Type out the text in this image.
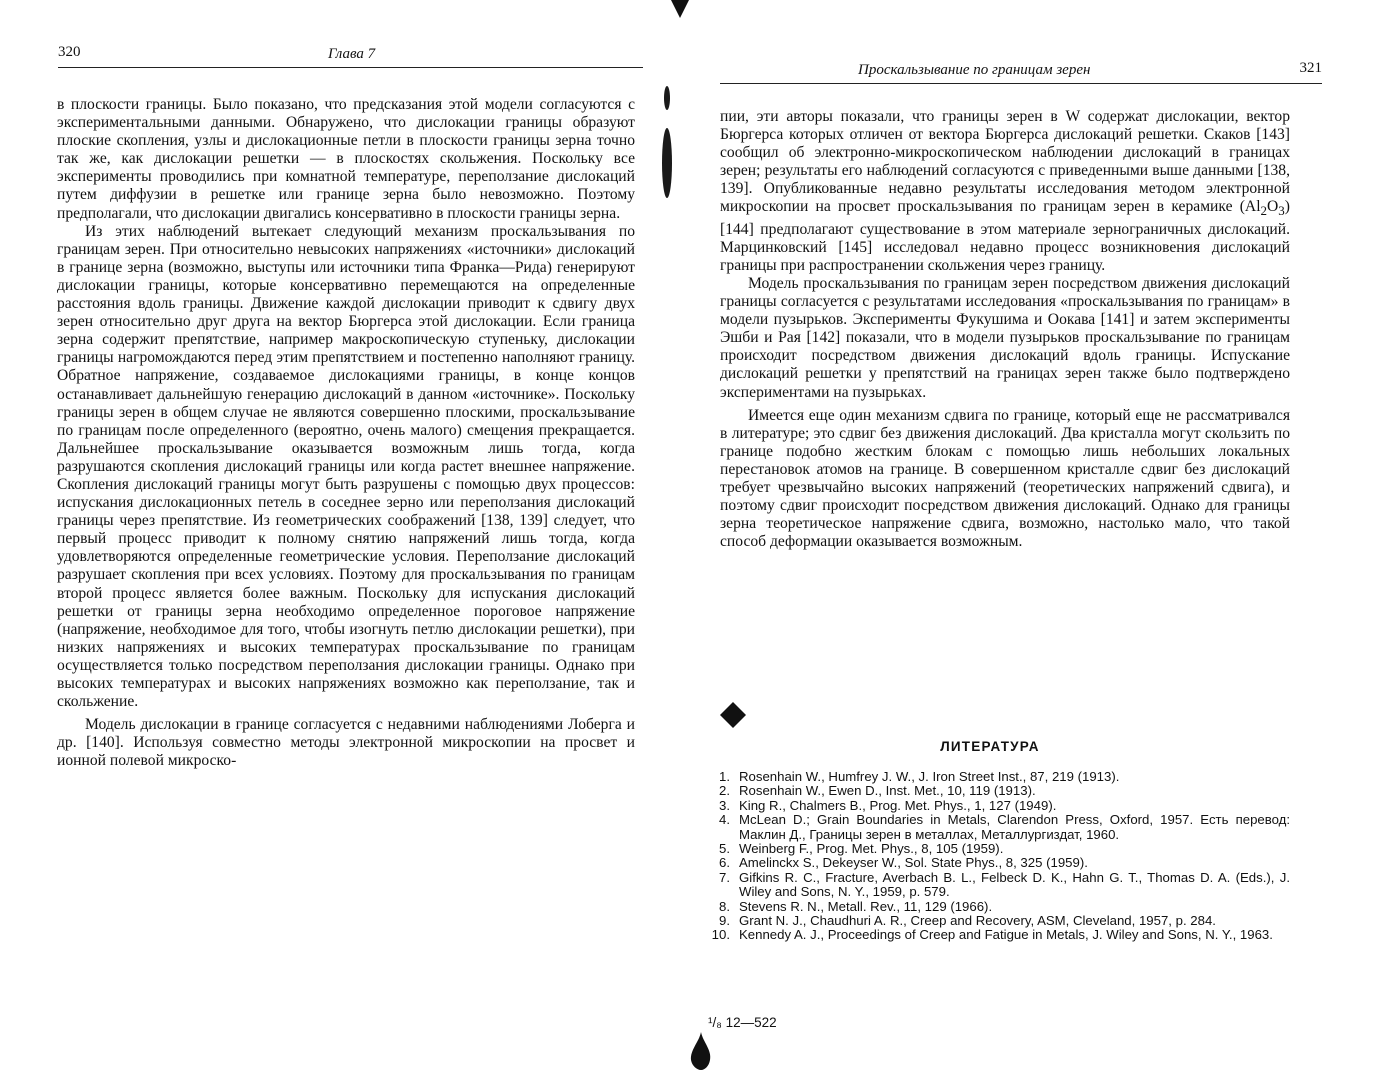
320	Глава 7

в плоскости границы. Было показано, что предсказания этой модели согласуются с экспериментальными данными. Обнаружено, что дислокации границы образуют плоские скопления, узлы и дислокационные петли в плоскости границы зерна точно так же, как дислокации решетки — в плоскостях скольжения. Поскольку все эксперименты проводились при комнатной температуре, переползание дислокаций путем диффузии в решетке или границе зерна было невозможно. Поэтому предполагали, что дислокации двигались консервативно в плоскости границы зерна.

Из этих наблюдений вытекает следующий механизм проскальзывания по границам зерен. При относительно невысоких напряжениях «источники» дислокаций в границе зерна (возможно, выступы или источники типа Франка—Рида) генерируют дислокации границы, которые консервативно перемещаются на определенные расстояния вдоль границы. Движение каждой дислокации приводит к сдвигу двух зерен относительно друг друга на вектор Бюргерса этой дислокации. Если граница зерна содержит препятствие, например макроскопическую ступеньку, дислокации границы нагромождаются перед этим препятствием и постепенно наполняют границу. Обратное напряжение, создаваемое дислокациями границы, в конце концов останавливает дальнейшую генерацию дислокаций в данном «источнике». Поскольку границы зерен в общем случае не являются совершенно плоскими, проскальзывание по границам после определенного (вероятно, очень малого) смещения прекращается. Дальнейшее проскальзывание оказывается возможным лишь тогда, когда разрушаются скопления дислокаций границы или когда растет внешнее напряжение. Скопления дислокаций границы могут быть разрушены с помощью двух процессов: испускания дислокационных петель в соседнее зерно или переползания дислокаций границы через препятствие. Из геометрических соображений [138, 139] следует, что первый процесс приводит к полному снятию напряжений лишь тогда, когда удовлетворяются определенные геометрические условия. Переползание дислокаций разрушает скопления при всех условиях. Поэтому для проскальзывания по границам второй процесс является более важным. Поскольку для испускания дислокаций решетки от границы зерна необходимо определенное пороговое напряжение (напряжение, необходимое для того, чтобы изогнуть петлю дислокации решетки), при низких напряжениях и высоких температурах проскальзывание по границам осуществляется только посредством переползания дислокации границы. Однако при высоких температурах и высоких напряжениях возможно как переползание, так и скольжение.

Модель дислокации в границе согласуется с недавними наблюдениями Лоберга и др. [140]. Используя совместно методы электронной микроскопии на просвет и ионной полевой микроско-

Проскальзывание по границам зерен	321

пии, эти авторы показали, что границы зерен в W содержат дислокации, вектор Бюргерса которых отличен от вектора Бюргерса дислокаций решетки. Скаков [143] сообщил об электронно-микроскопическом наблюдении дислокаций в границах зерен; результаты его наблюдений согласуются с приведенными выше данными [138, 139]. Опубликованные недавно результаты исследования методом электронной микроскопии на просвет проскальзывания по границам зерен в керамике $(Al_2O_3)$ [144] предполагают существование в этом материале зернограничных дислокаций. Марцинковский [145] исследовал недавно процесс возникновения дислокаций границы при распространении скольжения через границу.

Модель проскальзывания по границам зерен посредством движения дислокаций границы согласуется с результатами исследования «проскальзывания по границам» в модели пузырьков. Эксперименты Фукушима и Оокава [141] и затем эксперименты Эшби и Рая [142] показали, что в модели пузырьков проскальзывание по границам происходит посредством движения дислокаций вдоль границы. Испускание дислокаций решетки у препятствий на границах зерен также было подтверждено экспериментами на пузырьках.

Имеется еще один механизм сдвига по границе, который еще не рассматривался в литературе; это сдвиг без движения дислокаций. Два кристалла могут скользить по границе подобно жестким блокам с помощью лишь небольших локальных перестановок атомов на границе. В совершенном кристалле сдвиг без дислокаций требует чрезвычайно высоких напряжений (теоретических напряжений сдвига), и поэтому сдвиг происходит посредством движения дислокаций. Однако для границы зерна теоретическое напряжение сдвига, возможно, настолько мало, что такой способ деформации оказывается возможным.

ЛИТЕРАТУРА
1. Rosenhain W., Humfrey J. W., J. Iron Street Inst., 87, 219 (1913).
2. Rosenhain W., Ewen D., Inst. Met., 10, 119 (1913).
3. King R., Chalmers B., Prog. Met. Phys., 1, 127 (1949).
4. McLean D.; Grain Boundaries in Metals, Clarendon Press, Oxford, 1957. Есть перевод: Маклин Д., Границы зерен в металлах, Металлургиздат, 1960.
5. Weinberg F., Prog. Met. Phys., 8, 105 (1959).
6. Amelinckx S., Dekeyser W., Sol. State Phys., 8, 325 (1959).
7. Gifkins R. C., Fracture, Averbach B. L., Felbeck D. K., Hahn G. T., Thomas D. A. (Eds.), J. Wiley and Sons, N. Y., 1959, p. 579.
8. Stevens R. N., Metall. Rev., 11, 129 (1966).
9. Grant N. J., Chaudhuri A. R., Creep and Recovery, ASM, Cleveland, 1957, p. 284.
10. Kennedy A. J., Proceedings of Creep and Fatigue in Metals, J. Wiley and Sons, N. Y., 1963.
¹/₈ 12—522
